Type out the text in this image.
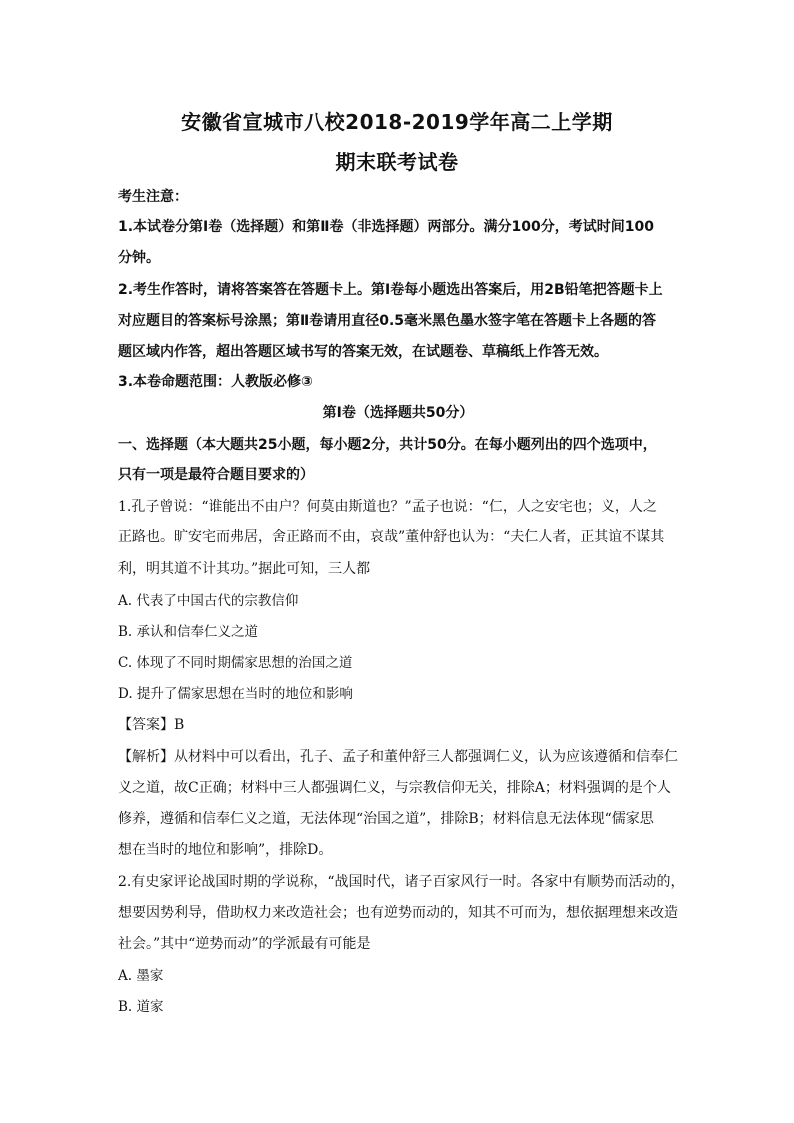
安徽省宣城市八校2018-2019学年高二上学期
期末联考试卷
考生注意：
1.本试卷分第Ⅰ卷（选择题）和第Ⅱ卷（非选择题）两部分。满分100分，考试时间100
分钟。
2.考生作答时，请将答案答在答题卡上。第Ⅰ卷每小题选出答案后，用2B铅笔把答题卡上
对应题目的答案标号涂黑；第Ⅱ卷请用直径0.5毫米黑色墨水签字笔在答题卡上各题的答
题区域内作答，超出答题区域书写的答案无效，在试题卷、草稿纸上作答无效。
3.本卷命题范围：人教版必修③
第Ⅰ卷（选择题共50分）
一、选择题（本大题共25小题，每小题2分，共计50分。在每小题列出的四个选项中，
只有一项是最符合题目要求的）
1.孔子曾说：“谁能出不由户？何莫由斯道也？”孟子也说：“仁，人之安宅也；义，人之
正路也。旷安宅而弗居，舍正路而不由，哀哉”董仲舒也认为：“夫仁人者，正其谊不谋其
利，明其道不计其功。”据此可知，三人都
A. 代表了中国古代的宗教信仰
B. 承认和信奉仁义之道
C. 体现了不同时期儒家思想的治国之道
D. 提升了儒家思想在当时的地位和影响
【答案】B
【解析】从材料中可以看出，孔子、孟子和董仲舒三人都强调仁义，认为应该遵循和信奉仁
义之道，故C正确；材料中三人都强调仁义，与宗教信仰无关，排除A；材料强调的是个人
修养，遵循和信奉仁义之道，无法体现“治国之道”，排除B；材料信息无法体现“儒家思
想在当时的地位和影响”，排除D。
2.有史家评论战国时期的学说称，“战国时代，诸子百家风行一时。各家中有顺势而活动的，
想要因势利导，借助权力来改造社会；也有逆势而动的，知其不可而为，想依据理想来改造
社会。”其中“逆势而动”的学派最有可能是
A. 墨家
B. 道家
